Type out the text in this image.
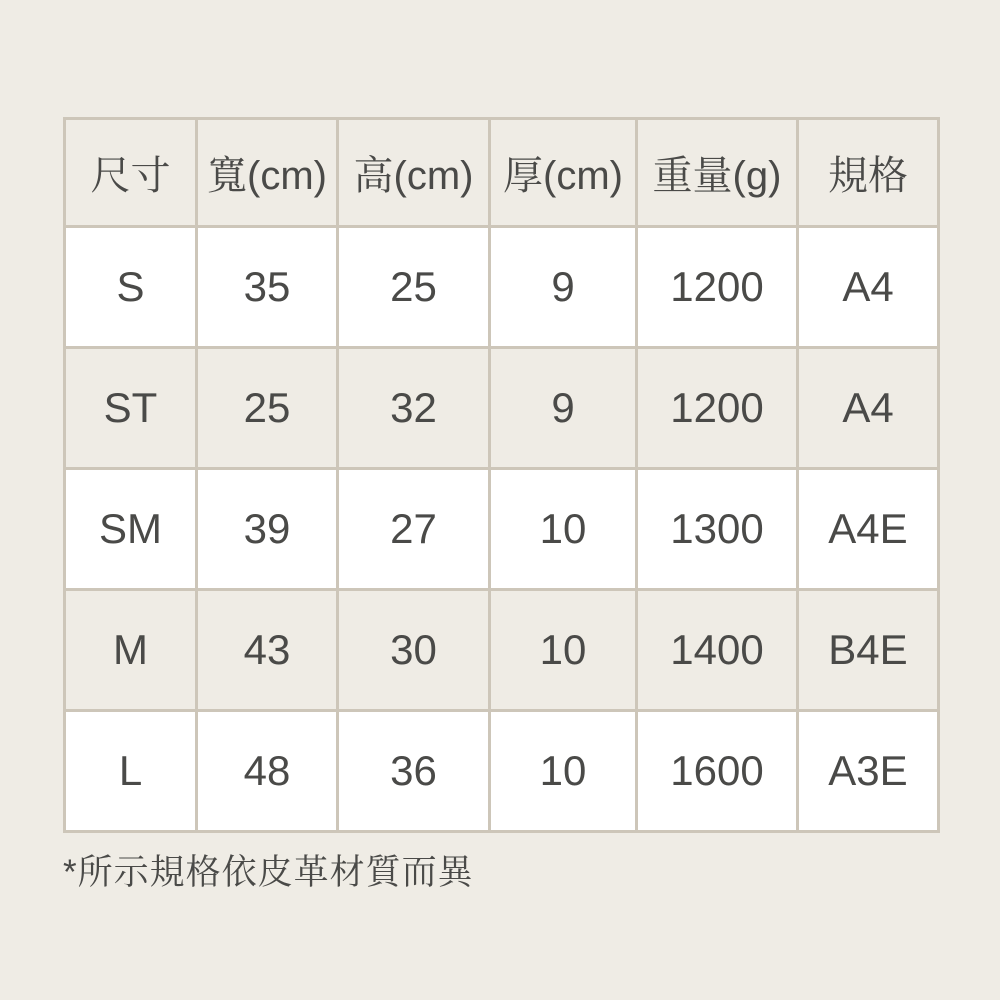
尺寸	寬(cm)	高(cm)	厚(cm)	重量(g)	規格
S	35	25	9	1200	A4
ST	25	32	9	1200	A4
SM	39	27	10	1300	A4E
M	43	30	10	1400	B4E
L	48	36	10	1600	A3E
*所示規格依皮革材質而異
